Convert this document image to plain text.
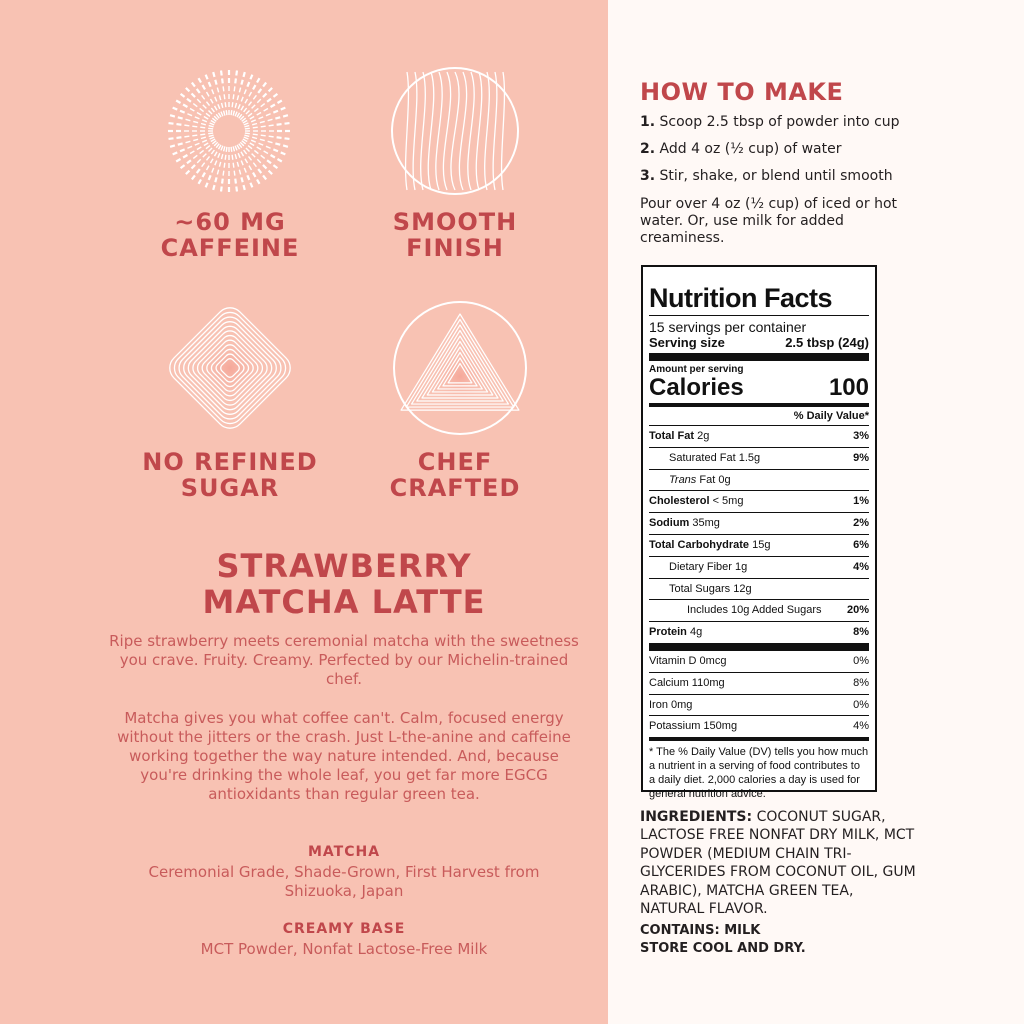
~60 MG
CAFFEINE
SMOOTH
FINISH
NO REFINED
SUGAR
CHEF
CRAFTED
STRAWBERRY
MATCHA LATTE
Ripe strawberry meets ceremonial matcha with the sweetness you crave. Fruity. Creamy. Perfected by our Michelin-trained chef.
Matcha gives you what coffee can't. Calm, focused energy without the jitters or the crash. Just L-the-anine and caffeine working together the way nature intended. And, because you're drinking the whole leaf, you get far more EGCG antioxidants than regular green tea.
MATCHA
Ceremonial Grade, Shade-Grown, First Harvest from Shizuoka, Japan
CREAMY BASE
MCT Powder, Nonfat Lactose-Free Milk
HOW TO MAKE
1. Scoop 2.5 tbsp of powder into cup
2. Add 4 oz (½ cup) of water
3. Stir, shake, or blend until smooth
Pour over 4 oz (½ cup) of iced or hot water. Or, use milk for added creaminess.
Nutrition Facts
15 servings per container
Serving size	2.5 tbsp (24g)
Amount per serving
Calories	100
% Daily Value*
Total Fat 2g	3%
Saturated Fat 1.5g	9%
Trans Fat 0g
Cholesterol < 5mg	1%
Sodium 35mg	2%
Total Carbohydrate 15g	6%
Dietary Fiber 1g	4%
Total Sugars 12g
Includes 10g Added Sugars 20%
Protein 4g	8%
Vitamin D 0mcg	0%
Calcium 110mg	8%
Iron 0mg	0%
Potassium 150mg	4%
* The % Daily Value (DV) tells you how much a nutrient in a serving of food contributes to a daily diet. 2,000 calories a day is used for general nutrition advice.
INGREDIENTS: COCONUT SUGAR, LACTOSE FREE NONFAT DRY MILK, MCT POWDER (MEDIUM CHAIN TRI-GLYCERIDES FROM COCONUT OIL, GUM ARABIC), MATCHA GREEN TEA, NATURAL FLAVOR.
CONTAINS: MILK
STORE COOL AND DRY.
